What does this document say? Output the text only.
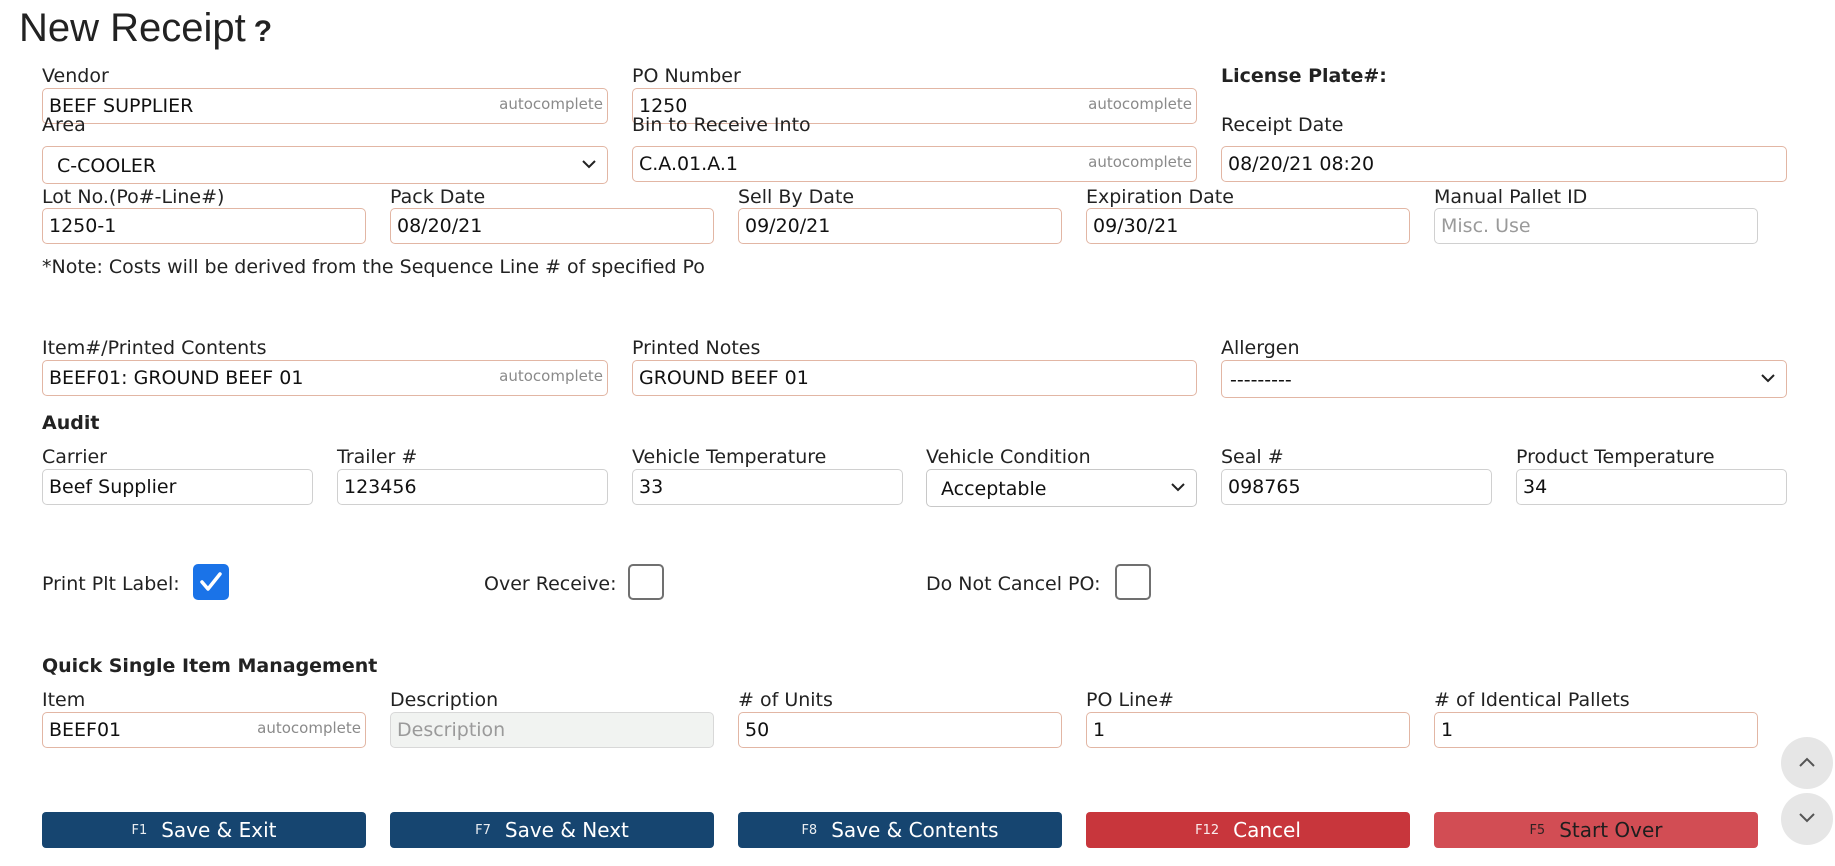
New Receipt ?
Vendor
BEEF SUPPLIER	autocomplete
PO Number
1250	autocomplete
License Plate#:
Area
C-COOLER
Bin to Receive Into
C.A.01.A.1	autocomplete
Receipt Date
08/20/21 08:20
Lot No.(Po#-Line#)
1250-1
Pack Date
08/20/21
Sell By Date
09/20/21
Expiration Date
09/30/21
Manual Pallet ID
Misc. Use
*Note: Costs will be derived from the Sequence Line # of specified Po
Item#/Printed Contents
BEEF01: GROUND BEEF 01	autocomplete
Printed Notes
GROUND BEEF 01
Allergen
---------
Audit
Carrier
Beef Supplier
Trailer #
123456
Vehicle Temperature
33
Vehicle Condition
Acceptable
Seal #
098765
Product Temperature
34
Print Plt Label:	Over Receive:	Do Not Cancel PO:
Quick Single Item Management
Item
BEEF01	autocomplete
Description
Description
# of Units
50
PO Line#
1
# of Identical Pallets
1
F1 Save & Exit	F7 Save & Next	F8 Save & Contents	F12 Cancel	F5 Start Over
